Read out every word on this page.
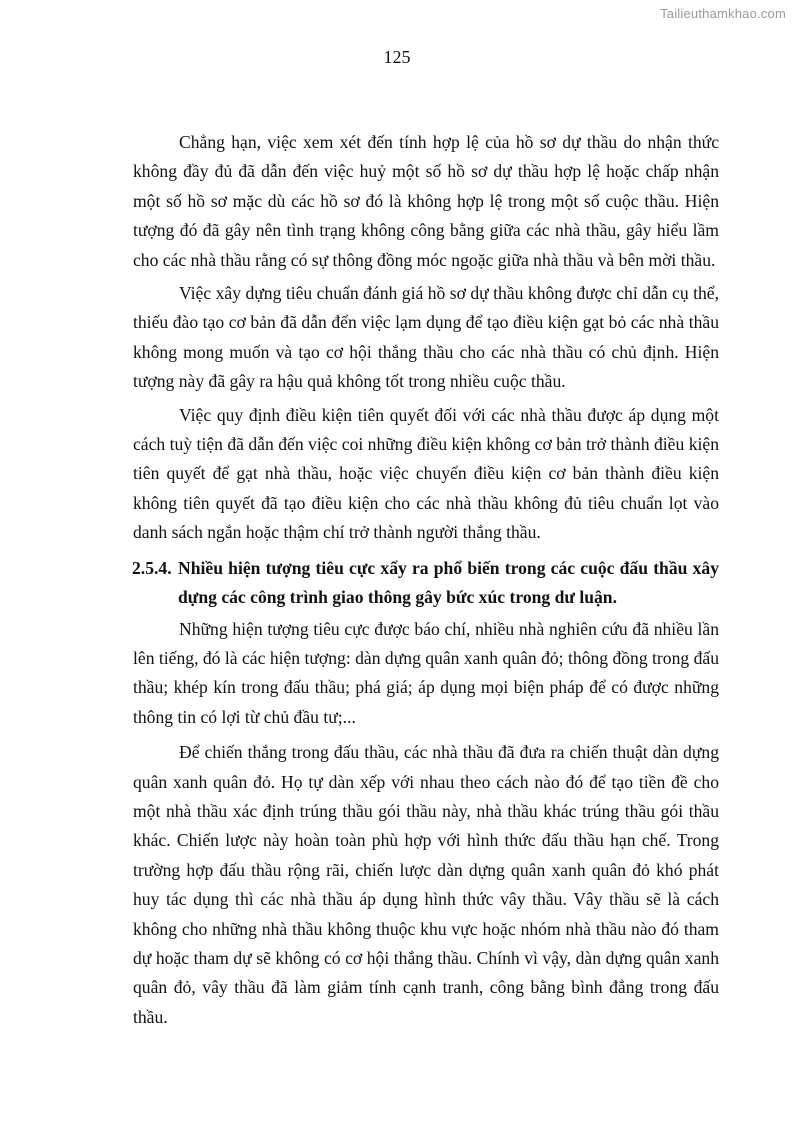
Tailieuthamkhao.com
125

Chẳng hạn, việc xem xét đến tính hợp lệ của hồ sơ dự thầu do nhận thức không đầy đủ đã dẫn đến việc huỷ một số hồ sơ dự thầu hợp lệ hoặc chấp nhận một số hồ sơ mặc dù các hồ sơ đó là không hợp lệ trong một số cuộc thầu. Hiện tượng đó đã gây nên tình trạng không công bằng giữa các nhà thầu, gây hiểu lầm cho các nhà thầu rằng có sự thông đồng móc ngoặc giữa nhà thầu và bên mời thầu.

Việc xây dựng tiêu chuẩn đánh giá hồ sơ dự thầu không được chỉ dẫn cụ thể, thiếu đào tạo cơ bản đã dẫn đến việc lạm dụng để tạo điều kiện gạt bỏ các nhà thầu không mong muốn và tạo cơ hội thắng thầu cho các nhà thầu có chủ định. Hiện tượng này đã gây ra hậu quả không tốt trong nhiều cuộc thầu.

Việc quy định điều kiện tiên quyết đối với các nhà thầu được áp dụng một cách tuỳ tiện đã dẫn đến việc coi những điều kiện không cơ bản trở thành điều kiện tiên quyết để gạt nhà thầu, hoặc việc chuyển điều kiện cơ bản thành điều kiện không tiên quyết đã tạo điều kiện cho các nhà thầu không đủ tiêu chuẩn lọt vào danh sách ngắn hoặc thậm chí trở thành người thắng thầu.

2.5.4. Nhiều hiện tượng tiêu cực xẩy ra phổ biến trong các cuộc đấu thầu xây dựng các công trình giao thông gây bức xúc trong dư luận.

Những hiện tượng tiêu cực được báo chí, nhiều nhà nghiên cứu đã nhiều lần lên tiếng, đó là các hiện tượng: dàn dựng quân xanh quân đỏ; thông đồng trong đấu thầu; khép kín trong đấu thầu; phá giá; áp dụng mọi biện pháp để có được những thông tin có lợi từ chủ đầu tư;...

Để chiến thắng trong đấu thầu, các nhà thầu đã đưa ra chiến thuật dàn dựng quân xanh quân đỏ. Họ tự dàn xếp với nhau theo cách nào đó để tạo tiền đề cho một nhà thầu xác định trúng thầu gói thầu này, nhà thầu khác trúng thầu gói thầu khác. Chiến lược này hoàn toàn phù hợp với hình thức đấu thầu hạn chế. Trong trường hợp đấu thầu rộng rãi, chiến lược dàn dựng quân xanh quân đỏ khó phát huy tác dụng thì các nhà thầu áp dụng hình thức vây thầu. Vây thầu sẽ là cách không cho những nhà thầu không thuộc khu vực hoặc nhóm nhà thầu nào đó tham dự hoặc tham dự sẽ không có cơ hội thắng thầu. Chính vì vậy, dàn dựng quân xanh quân đỏ, vây thầu đã làm giảm tính cạnh tranh, công bằng bình đẳng trong đấu thầu.
